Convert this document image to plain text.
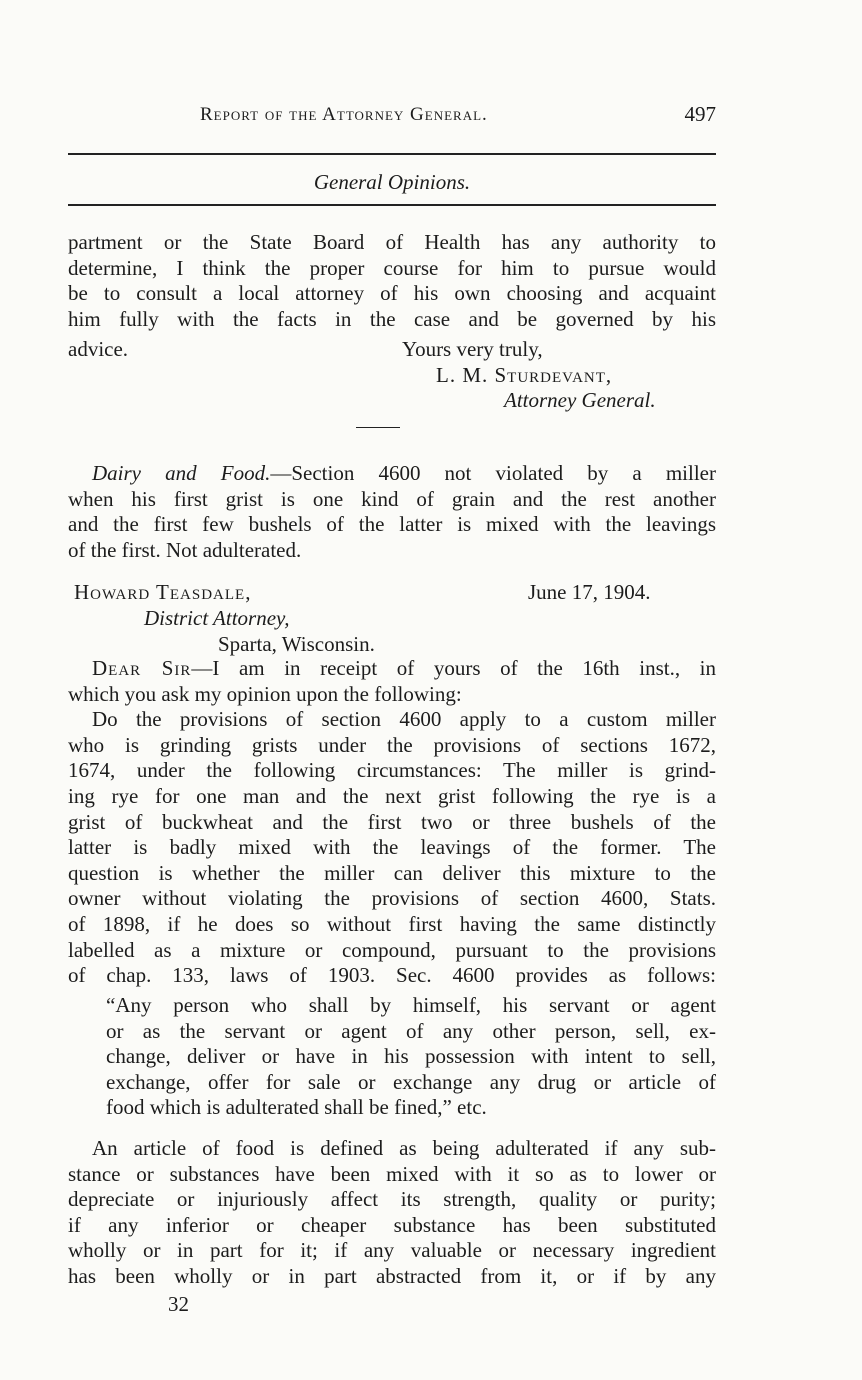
Report of the Attorney General.	497
General Opinions.
partment or the State Board of Health has any authority to
determine, I think the proper course for him to pursue would
be to consult a local attorney of his own choosing and acquaint
him fully with the facts in the case and be governed by his
advice.	Yours very truly,
L. M. Sturdevant,
Attorney General.
Dairy and Food.—Section 4600 not violated by a miller
when his first grist is one kind of grain and the rest another
and the first few bushels of the latter is mixed with the leavings
of the first. Not adulterated.
Howard Teasdale,	June 17, 1904.
District Attorney,
Sparta, Wisconsin.
Dear Sir—I am in receipt of yours of the 16th inst., in
which you ask my opinion upon the following:
Do the provisions of section 4600 apply to a custom miller
who is grinding grists under the provisions of sections 1672,
1674, under the following circumstances: The miller is grind-
ing rye for one man and the next grist following the rye is a
grist of buckwheat and the first two or three bushels of the
latter is badly mixed with the leavings of the former. The
question is whether the miller can deliver this mixture to the
owner without violating the provisions of section 4600, Stats.
of 1898, if he does so without first having the same distinctly
labelled as a mixture or compound, pursuant to the provisions
of chap. 133, laws of 1903. Sec. 4600 provides as follows:
“Any person who shall by himself, his servant or agent
or as the servant or agent of any other person, sell, ex-
change, deliver or have in his possession with intent to sell,
exchange, offer for sale or exchange any drug or article of
food which is adulterated shall be fined,” etc.
An article of food is defined as being adulterated if any sub-
stance or substances have been mixed with it so as to lower or
depreciate or injuriously affect its strength, quality or purity;
if any inferior or cheaper substance has been substituted
wholly or in part for it; if any valuable or necessary ingredient
has been wholly or in part abstracted from it, or if by any
32
